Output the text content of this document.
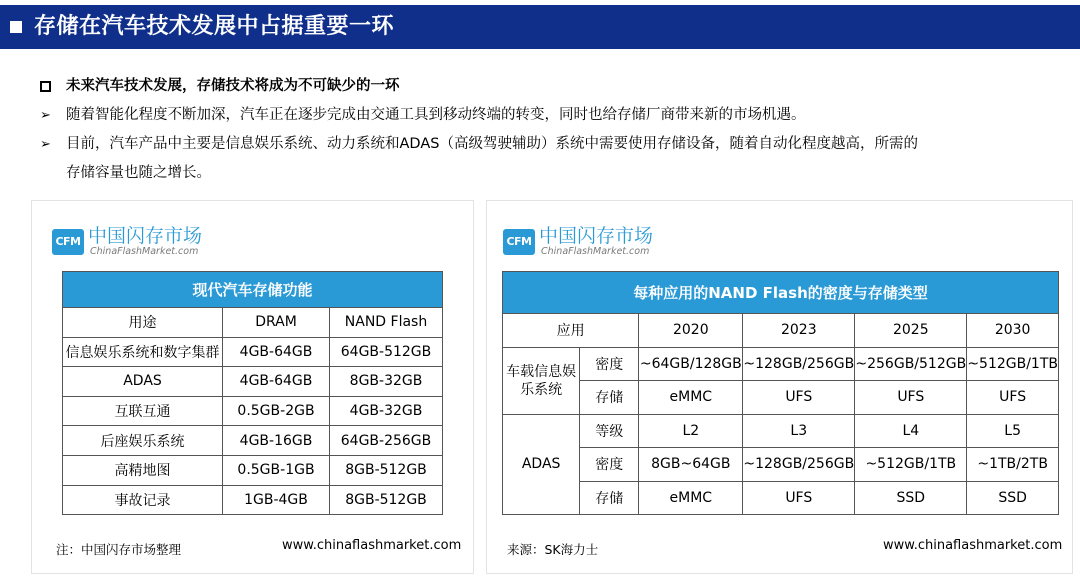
存储在汽车技术发展中占据重要一环
未来汽车技术发展，存储技术将成为不可缺少的一环
➢	随着智能化程度不断加深，汽车正在逐步完成由交通工具到移动终端的转变，同时也给存储厂商带来新的市场机遇。
➢	目前，汽车产品中主要是信息娱乐系统、动力系统和ADAS（高级驾驶辅助）系统中需要使用存储设备，随着自动化程度越高，所需的
存储容量也随之增长。
CFM 中国闪存市场
ChinaFlashMarket.com
现代汽车存储功能		
用途	DRAM	NAND Flash
信息娱乐系统和数字集群	4GB-64GB	64GB-512GB
ADAS	4GB-64GB	8GB-32GB
互联互通	0.5GB-2GB	4GB-32GB
后座娱乐系统	4GB-16GB	64GB-256GB
高精地图	0.5GB-1GB	8GB-512GB
事故记录	1GB-4GB	8GB-512GB
注：中国闪存市场整理	www.chinaflashmarket.com
CFM 中国闪存市场
ChinaFlashMarket.com
每种应用的NAND Flash的密度与存储类型					
应用		2020	2023	2025	2030
车载信息娱
乐系统	密度	~64GB/128GB	~128GB/256GB	~256GB/512GB	~512GB/1TB
	存储	eMMC	UFS	UFS	UFS
ADAS	等级	L2	L3	L4	L5
	密度	8GB~64GB	~128GB/256GB	~512GB/1TB	~1TB/2TB
	存储	eMMC	UFS	SSD	SSD
来源：SK海力士	www.chinaflashmarket.com
